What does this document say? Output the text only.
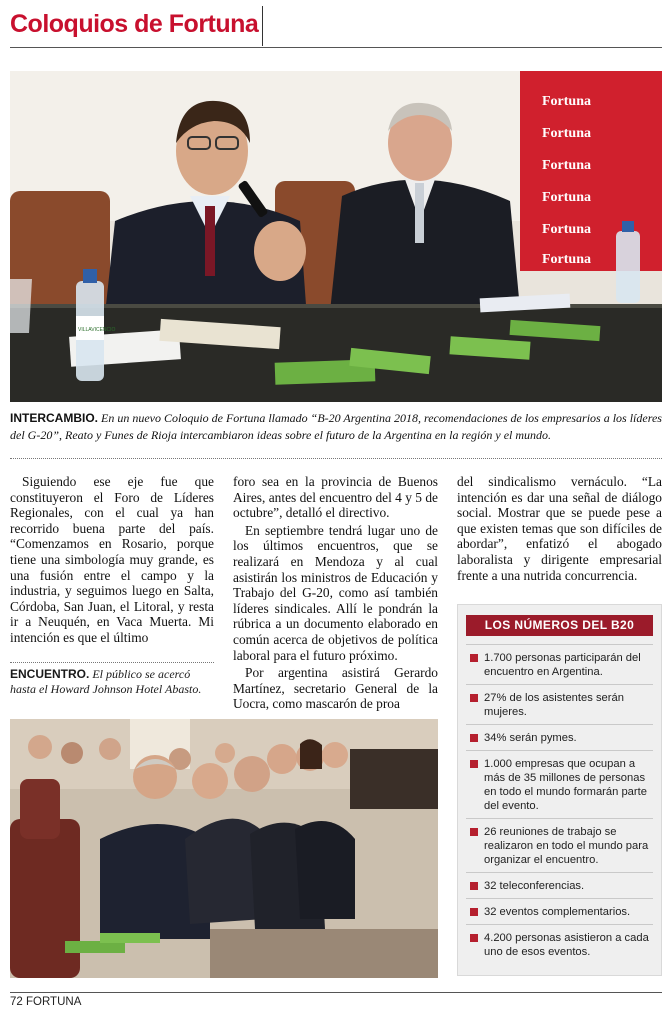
Coloquios de Fortuna
Fortuna
Fortuna
Fortuna
Fortuna
Fortuna
Fortuna
VILLAVICENCIO
INTERCAMBIO. En un nuevo Coloquio de Fortuna llamado “B-20 Argentina 2018, recomendaciones de los empresarios a los líderes del G-20”, Reato y Funes de Rioja intercambiaron ideas sobre el futuro de la Argentina en la región y el mundo.

Siguiendo ese eje fue que constituyeron el Foro de Líderes Regionales, con el cual ya han recorrido buena parte del país. “Comenzamos en Rosario, porque tiene una simbología muy grande, es una fusión entre el campo y la industria, y seguimos luego en Salta, Córdoba, San Juan, el Litoral, y resta ir a Neuquén, en Vaca Muerta. Mi intención es que el último

foro sea en la provincia de Buenos Aires, antes del encuentro del 4 y 5 de octubre”, detalló el directivo.

En septiembre tendrá lugar uno de los últimos encuentros, que se realizará en Mendoza y al cual asistirán los ministros de Educación y Trabajo del G-20, como así también líderes sindicales. Allí le pondrán la rúbrica a un documento elaborado en común acerca de objetivos de política laboral para el futuro próximo.

Por argentina asistirá Gerardo Martínez, secretario General de la Uocra, como mascarón de proa

del sindicalismo vernáculo. “La intención es dar una señal de diálogo social. Mostrar que se puede pese a que existen temas que son difíciles de abordar”, enfatizó el abogado laboralista y dirigente empresarial frente a una nutrida concurrencia.

ENCUENTRO. El público se acercó hasta el Howard Johnson Hotel Abasto.
LOS NÚMEROS DEL B20
1.700 personas participarán del encuentro en Argentina.
27% de los asistentes serán mujeres.
34% serán pymes.
1.000 empresas que ocupan a más de 35 millones de personas en todo el mundo formarán parte del evento.
26 reuniones de trabajo se realizaron en todo el mundo para organizar el encuentro.
32 teleconferencias.
32 eventos complementarios.
4.200 personas asistieron a cada uno de esos eventos.
72 FORTUNA
